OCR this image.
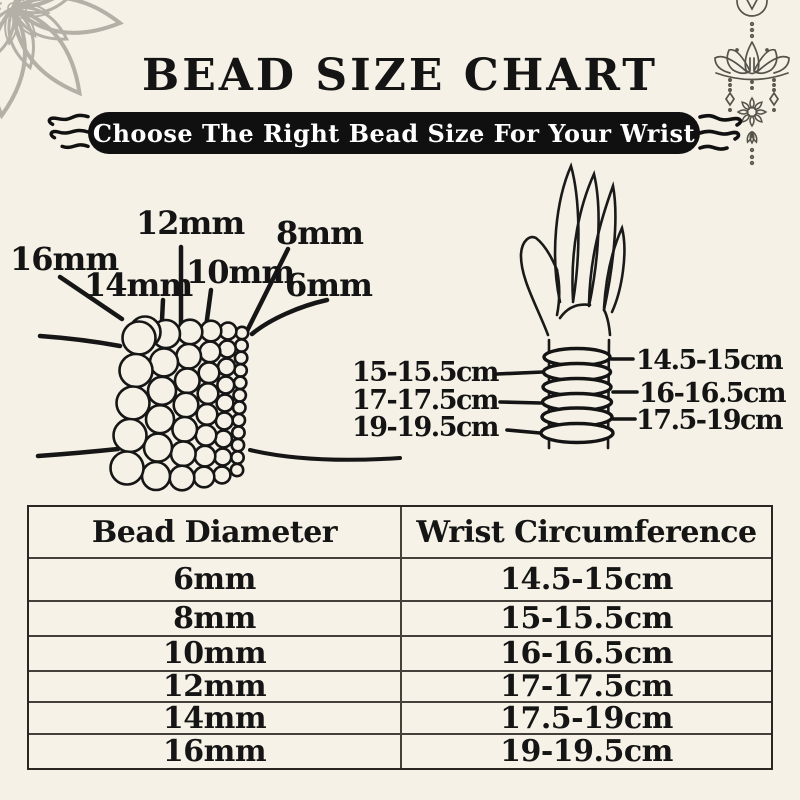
BEAD SIZE CHART
Choose The Right Bead Size For Your Wrist
16mm
14mm
12mm
10mm
8mm
6mm
15-15.5cm
17-17.5cm
19-19.5cm
14.5-15cm
16-16.5cm
17.5-19cm
Bead Diameter	Wrist Circumference
6mm	14.5-15cm
8mm	15-15.5cm
10mm	16-16.5cm
12mm	17-17.5cm
14mm	17.5-19cm
16mm	19-19.5cm
